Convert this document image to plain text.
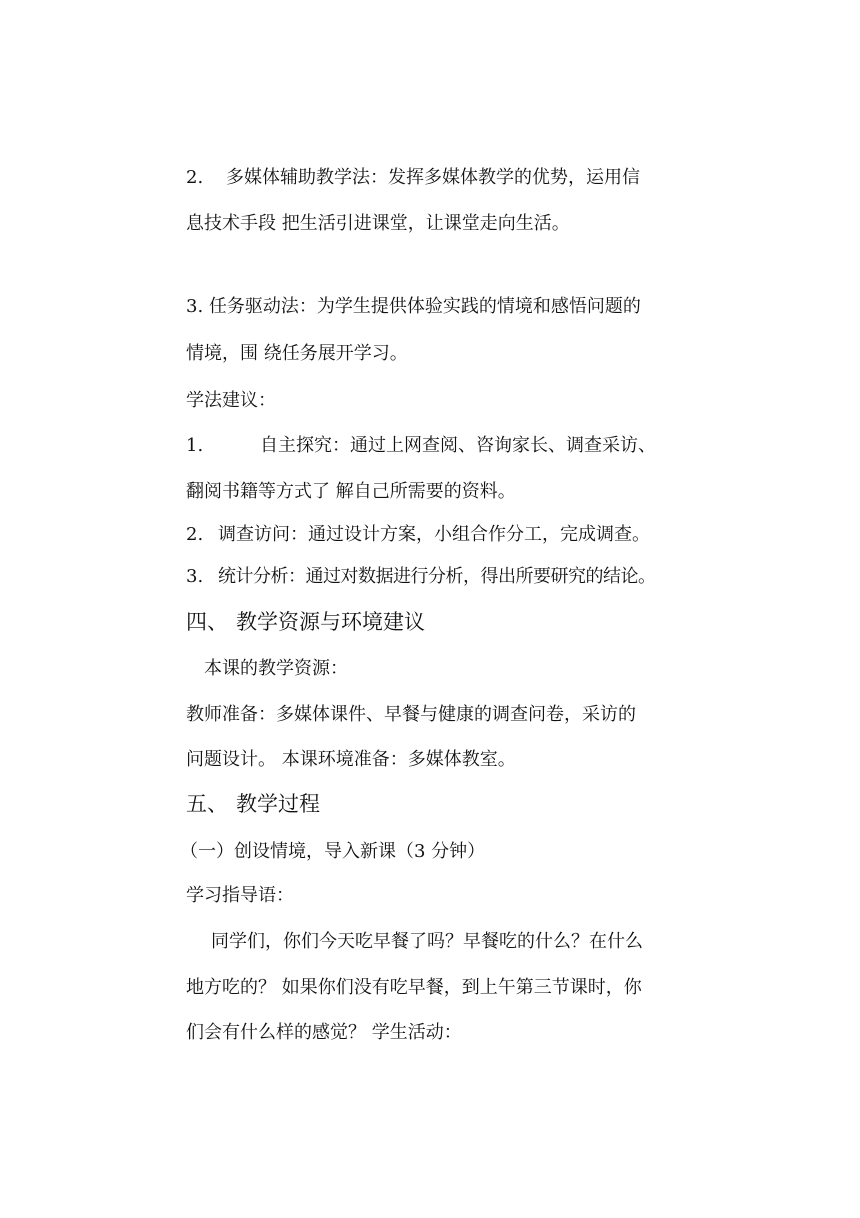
2. 多媒体辅助教学法：发挥多媒体教学的优势，运用信

息技术手段 把生活引进课堂，让课堂走向生活。

3. 任务驱动法：为学生提供体验实践的情境和感悟问题的

情境，围 绕任务展开学习。

学法建议：

1.	自主探究：通过上网查阅、咨询家长、调查采访、

翻阅书籍等方式了 解自己所需要的资料。

2. 调查访问：通过设计方案，小组合作分工，完成调查。

3. 统计分析：通过对数据进行分析，得出所要研究的结论。

四、 教学资源与环境建议

本课的教学资源：

教师准备：多媒体课件、早餐与健康的调查问卷，采访的

问题设计。 本课环境准备：多媒体教室。

五、 教学过程

（一）创设情境，导入新课（3 分钟）

学习指导语：

同学们，你们今天吃早餐了吗？早餐吃的什么？在什么

地方吃的？ 如果你们没有吃早餐，到上午第三节课时，你

们会有什么样的感觉？ 学生活动：
